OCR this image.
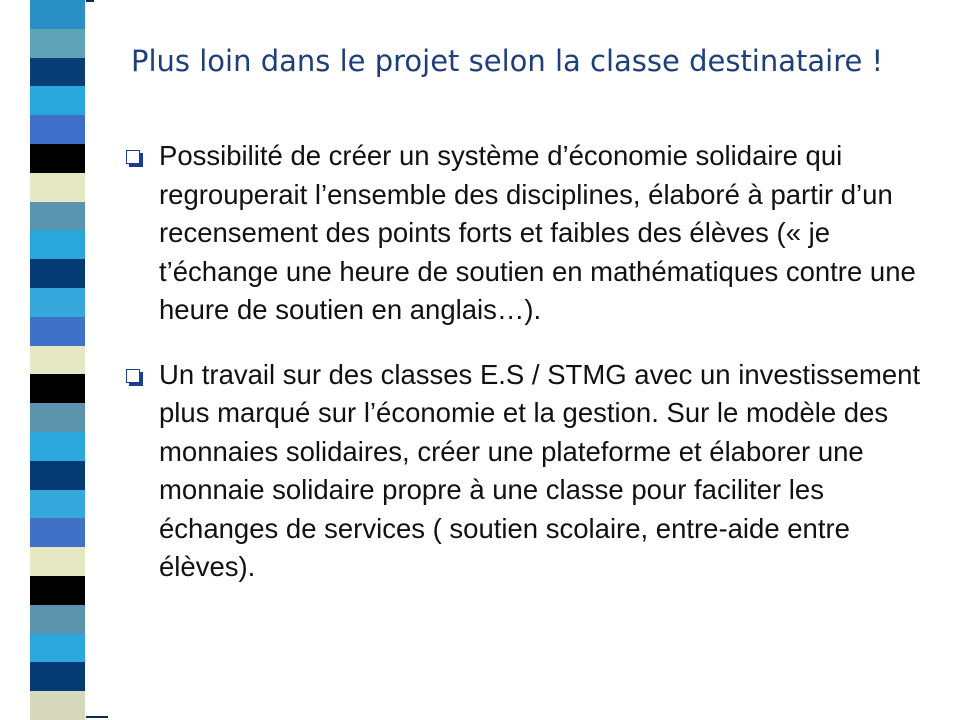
Plus loin dans le projet selon la classe destinataire !
Possibilité de créer un système d’économie solidaire qui regrouperait l’ensemble des disciplines, élaboré à partir d’un recensement des points forts et faibles des élèves (« je t’échange une heure de soutien en mathématiques contre une heure de soutien en anglais…).
Un travail sur des classes E.S / STMG avec un investissement plus marqué sur l’économie et la gestion. Sur le modèle des monnaies solidaires, créer une plateforme et élaborer une monnaie solidaire propre à une classe pour faciliter les échanges de services ( soutien scolaire, entre-aide entre élèves).
